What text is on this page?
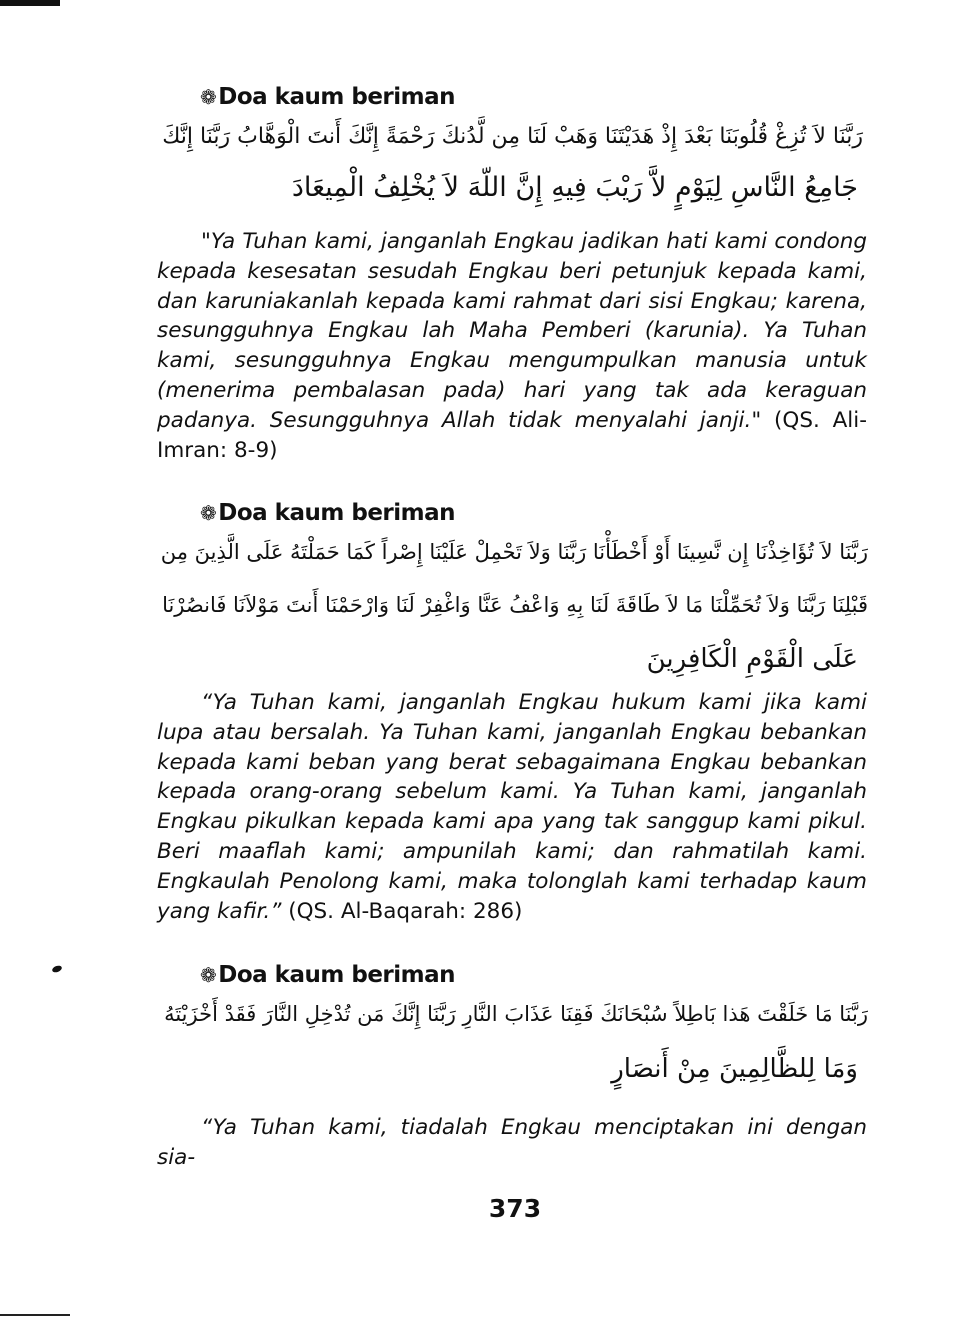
❁Doa kaum beriman
رَبَّنَا لاَ تُزِغْ قُلُوبَنَا بَعْدَ إِذْ هَدَيْتَنَا وَهَبْ لَنَا مِن لَّدُنكَ رَحْمَةً إِنَّكَ أَنتَ الْوَهَّابُ رَبَّنَا إِنَّكَ
جَامِعُ النَّاسِ لِيَوْمٍ لاَّ رَيْبَ فِيهِ إِنَّ اللّهَ لاَ يُخْلِفُ الْمِيعَادَ

"Ya Tuhan kami, janganlah Engkau jadikan hati kami condong kepada kesesatan sesudah Engkau beri petunjuk kepada kami, dan karuniakanlah kepada kami rahmat dari sisi Engkau; karena, sesungguhnya Engkau lah Maha Pemberi (karunia). Ya Tuhan kami, sesungguhnya Engkau mengumpulkan manusia untuk (menerima pembalasan pada) hari yang tak ada keraguan padanya. Sesungguhnya Allah tidak menyalahi janji." (QS. Ali-Imran: 8-9)

❁Doa kaum beriman
رَبَّنَا لاَ تُؤَاخِذْنَا إِن نَّسِينَا أَوْ أَخْطَأْنَا رَبَّنَا وَلاَ تَحْمِلْ عَلَيْنَا إِصْراً كَمَا حَمَلْتَهُ عَلَى الَّذِينَ مِن
قَبْلِنَا رَبَّنَا وَلاَ تُحَمِّلْنَا مَا لاَ طَاقَةَ لَنَا بِهِ وَاعْفُ عَنَّا وَاغْفِرْ لَنَا وَارْحَمْنَا أَنتَ مَوْلاَنَا فَانصُرْنَا
عَلَى الْقَوْمِ الْكَافِرِينَ

“Ya Tuhan kami, janganlah Engkau hukum kami jika kami lupa atau bersalah. Ya Tuhan kami, janganlah Engkau bebankan kepada kami beban yang berat sebagaimana Engkau bebankan kepada orang-orang sebelum kami. Ya Tuhan kami, janganlah Engkau pikulkan kepada kami apa yang tak sanggup kami pikul. Beri maaflah kami; ampunilah kami; dan rahmatilah kami. Engkaulah Penolong kami, maka tolonglah kami terhadap kaum yang kafir.” (QS. Al-Baqarah: 286)

❁Doa kaum beriman
رَبَّنَا مَا خَلَقْتَ هَذا بَاطِلاً سُبْحَانَكَ فَقِنَا عَذَابَ النَّارِ رَبَّنَا إِنَّكَ مَن تُدْخِلِ النَّارَ فَقَدْ أَخْزَيْتَهُ
وَمَا لِلظَّالِمِينَ مِنْ أَنصَارٍ

“Ya Tuhan kami, tiadalah Engkau menciptakan ini dengan sia-

373
